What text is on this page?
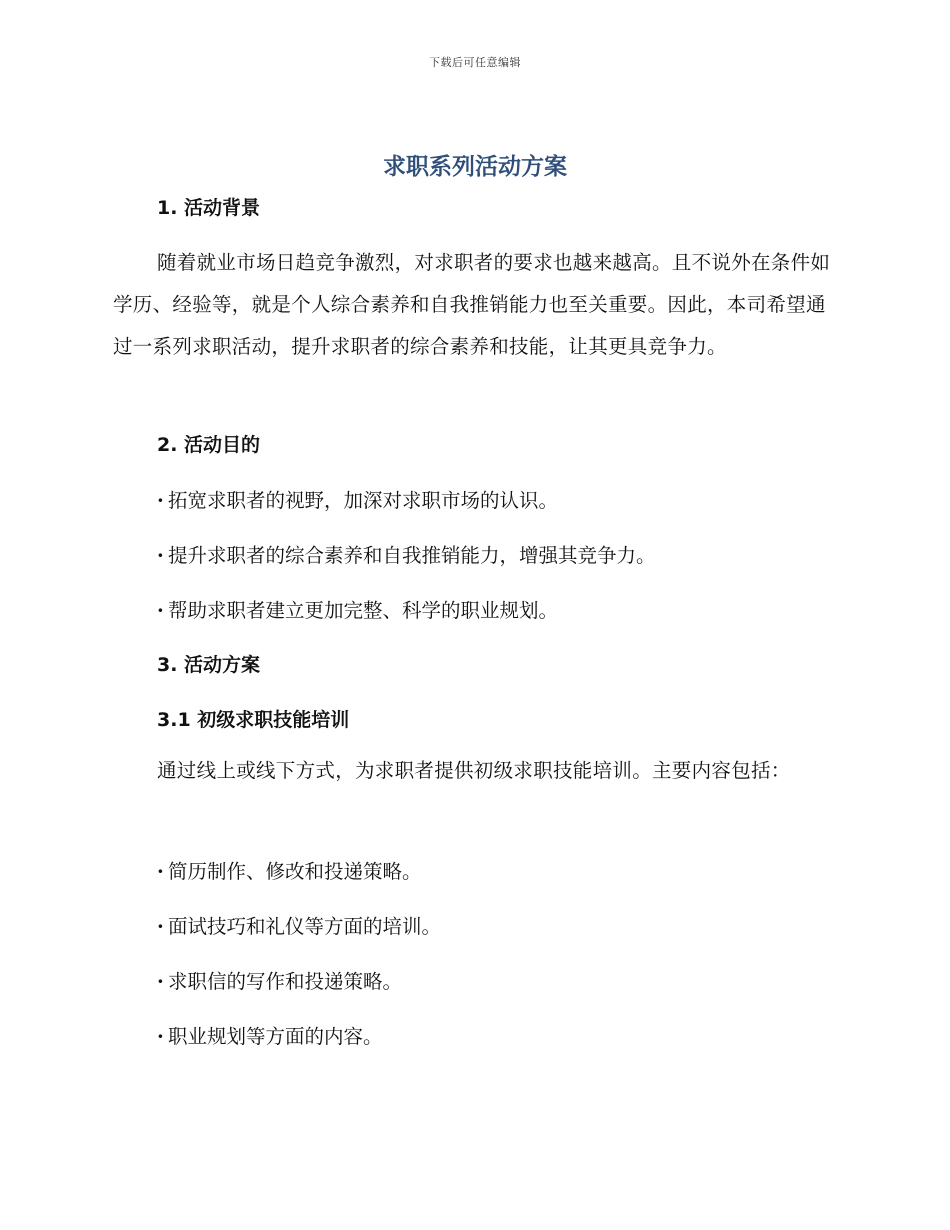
下载后可任意编辑
求职系列活动方案
1. 活动背景

随着就业市场日趋竞争激烈，对求职者的要求也越来越高。且不说外在条件如学历、经验等，就是个人综合素养和自我推销能力也至关重要。因此，本司希望通过一系列求职活动，提升求职者的综合素养和技能，让其更具竞争力。

2. 活动目的

· 拓宽求职者的视野，加深对求职市场的认识。

· 提升求职者的综合素养和自我推销能力，增强其竞争力。

· 帮助求职者建立更加完整、科学的职业规划。

3. 活动方案
3.1 初级求职技能培训

通过线上或线下方式，为求职者提供初级求职技能培训。主要内容包括：

· 简历制作、修改和投递策略。

· 面试技巧和礼仪等方面的培训。

· 求职信的写作和投递策略。

· 职业规划等方面的内容。
